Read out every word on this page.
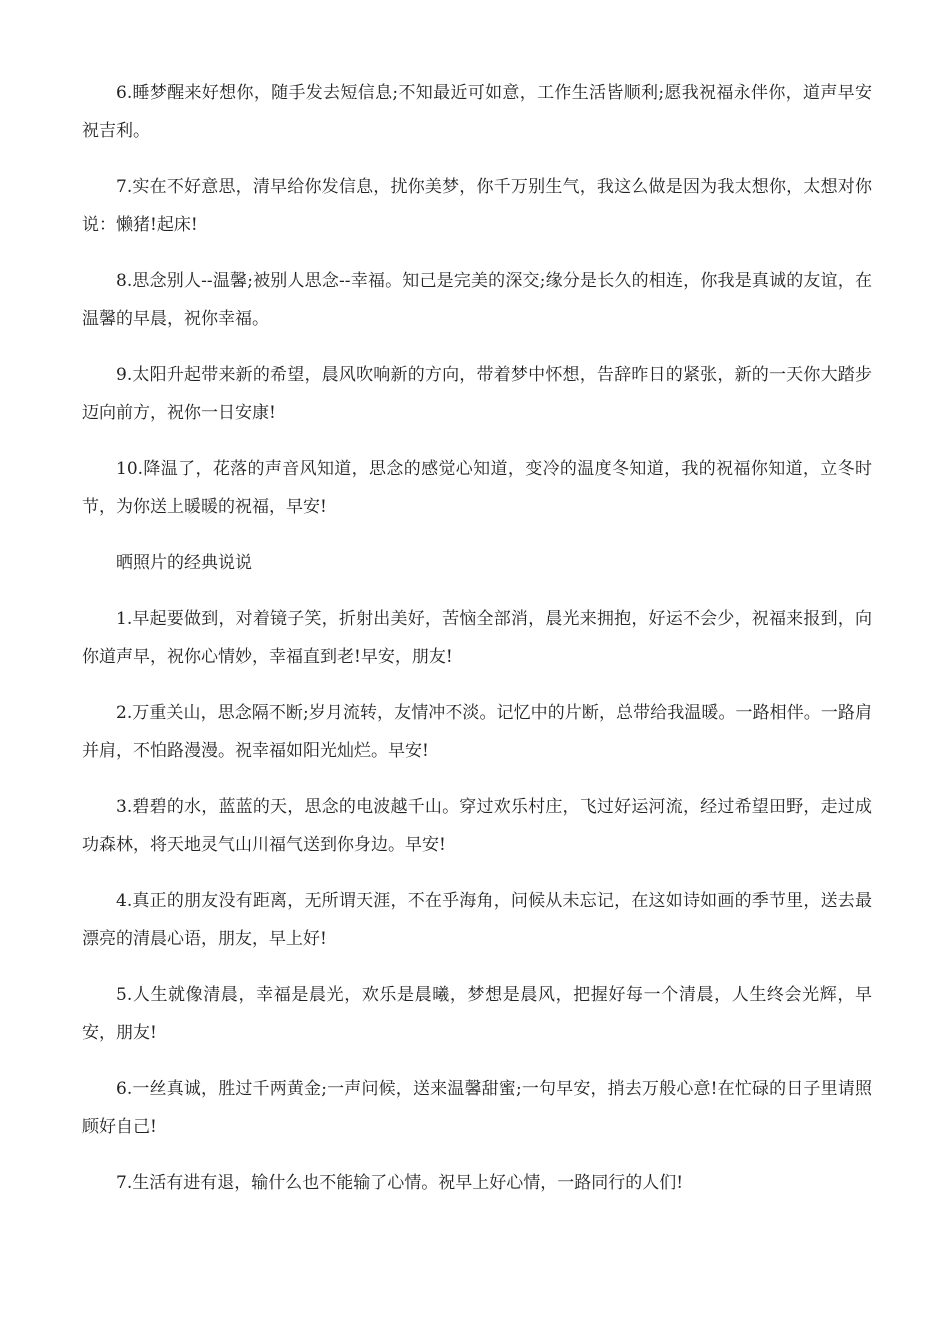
6.睡梦醒来好想你，随手发去短信息;不知最近可如意，工作生活皆顺利;愿我祝福永伴你，道声早安祝吉利。

7.实在不好意思，清早给你发信息，扰你美梦，你千万别生气，我这么做是因为我太想你，太想对你说：懒猪!起床!

8.思念别人--温馨;被别人思念--幸福。知己是完美的深交;缘分是长久的相连，你我是真诚的友谊，在温馨的早晨，祝你幸福。

9.太阳升起带来新的希望，晨风吹响新的方向，带着梦中怀想，告辞昨日的紧张，新的一天你大踏步迈向前方，祝你一日安康!

10.降温了，花落的声音风知道，思念的感觉心知道，变冷的温度冬知道，我的祝福你知道，立冬时节，为你送上暖暖的祝福，早安!

晒照片的经典说说

1.早起要做到，对着镜子笑，折射出美好，苦恼全部消，晨光来拥抱，好运不会少，祝福来报到，向你道声早，祝你心情妙，幸福直到老!早安，朋友!

2.万重关山，思念隔不断;岁月流转，友情冲不淡。记忆中的片断，总带给我温暖。一路相伴。一路肩并肩，不怕路漫漫。祝幸福如阳光灿烂。早安!

3.碧碧的水，蓝蓝的天，思念的电波越千山。穿过欢乐村庄，飞过好运河流，经过希望田野，走过成功森林，将天地灵气山川福气送到你身边。早安!

4.真正的朋友没有距离，无所谓天涯，不在乎海角，问候从未忘记，在这如诗如画的季节里，送去最漂亮的清晨心语，朋友，早上好!

5.人生就像清晨，幸福是晨光，欢乐是晨曦，梦想是晨风，把握好每一个清晨，人生终会光辉，早安，朋友!

6.一丝真诚，胜过千两黄金;一声问候，送来温馨甜蜜;一句早安，捎去万般心意!在忙碌的日子里请照顾好自己!

7.生活有进有退，输什么也不能输了心情。祝早上好心情，一路同行的人们!
